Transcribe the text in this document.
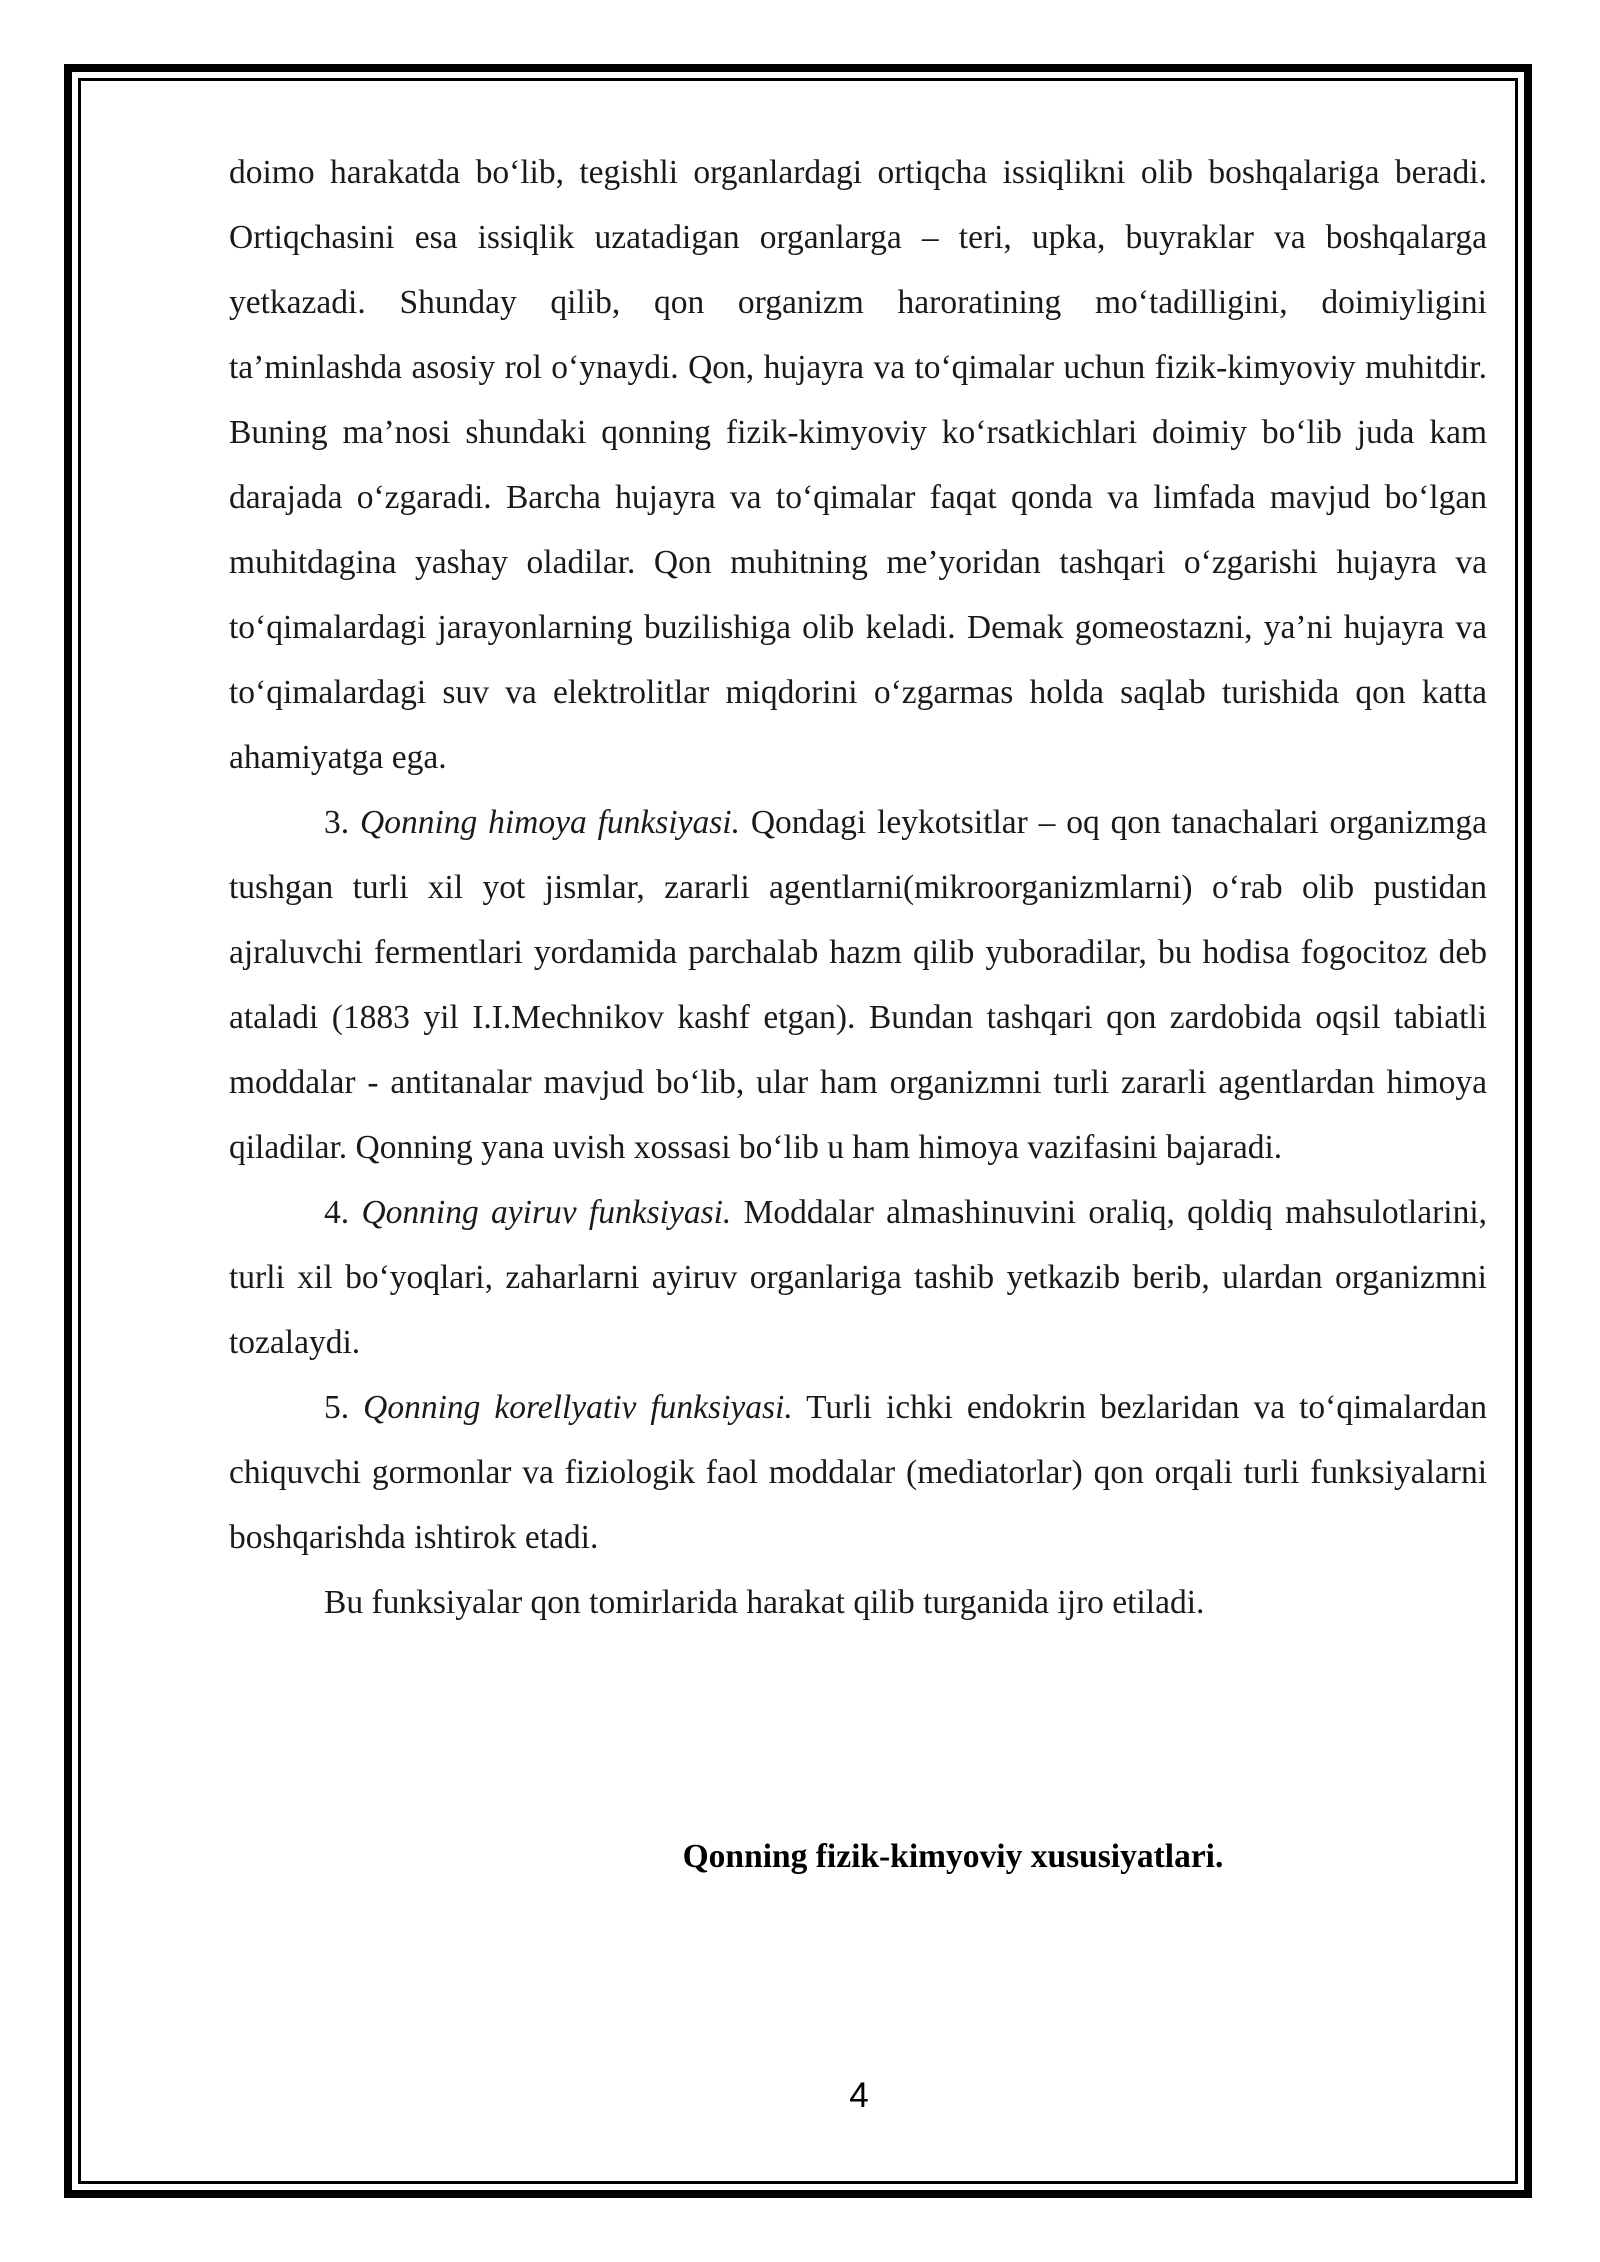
doimo harakatda bo‘lib, tegishli organlardagi ortiqcha issiqlikni olib boshqalariga beradi. Ortiqchasini esa issiqlik uzatadigan organlarga – teri, upka, buyraklar va boshqalarga yetkazadi. Shunday qilib, qon organizm haroratining mo‘tadilligini, doimiyligini ta’minlashda asosiy rol o‘ynaydi. Qon, hujayra va to‘qimalar uchun fizik-kimyoviy muhitdir. Buning ma’nosi shundaki qonning fizik-kimyoviy ko‘rsatkichlari doimiy bo‘lib juda kam darajada o‘zgaradi. Barcha hujayra va to‘qimalar faqat qonda va limfada mavjud bo‘lgan muhitdagina yashay oladilar. Qon muhitning me’yoridan tashqari o‘zgarishi hujayra va to‘qimalardagi jarayonlarning buzilishiga olib keladi. Demak gomeostazni, ya’ni hujayra va to‘qimalardagi suv va elektrolitlar miqdorini o‘zgarmas holda saqlab turishida qon katta ahamiyatga ega.

3. Qonning himoya funksiyasi. Qondagi leykotsitlar – oq qon tanachalari organizmga tushgan turli xil yot jismlar, zararli agentlarni(mikroorganizmlarni) o‘rab olib pustidan ajraluvchi fermentlari yordamida parchalab hazm qilib yuboradilar, bu hodisa fogocitoz deb ataladi (1883 yil I.I.Mechnikov kashf etgan). Bundan tashqari qon zardobida oqsil tabiatli moddalar - antitanalar mavjud bo‘lib, ular ham organizmni turli zararli agentlardan himoya qiladilar. Qonning yana uvish xossasi bo‘lib u ham himoya vazifasini bajaradi.

4. Qonning ayiruv funksiyasi. Moddalar almashinuvini oraliq, qoldiq mahsulotlarini, turli xil bo‘yoqlari, zaharlarni ayiruv organlariga tashib yetkazib berib, ulardan organizmni tozalaydi.

5. Qonning korellyativ funksiyasi. Turli ichki endokrin bezlaridan va to‘qimalardan chiquvchi gormonlar va fiziologik faol moddalar (mediatorlar) qon orqali turli funksiyalarni boshqarishda ishtirok etadi.

Bu funksiyalar qon tomirlarida harakat qilib turganida ijro etiladi.

Qonning fizik-kimyoviy xususiyatlari.
4
